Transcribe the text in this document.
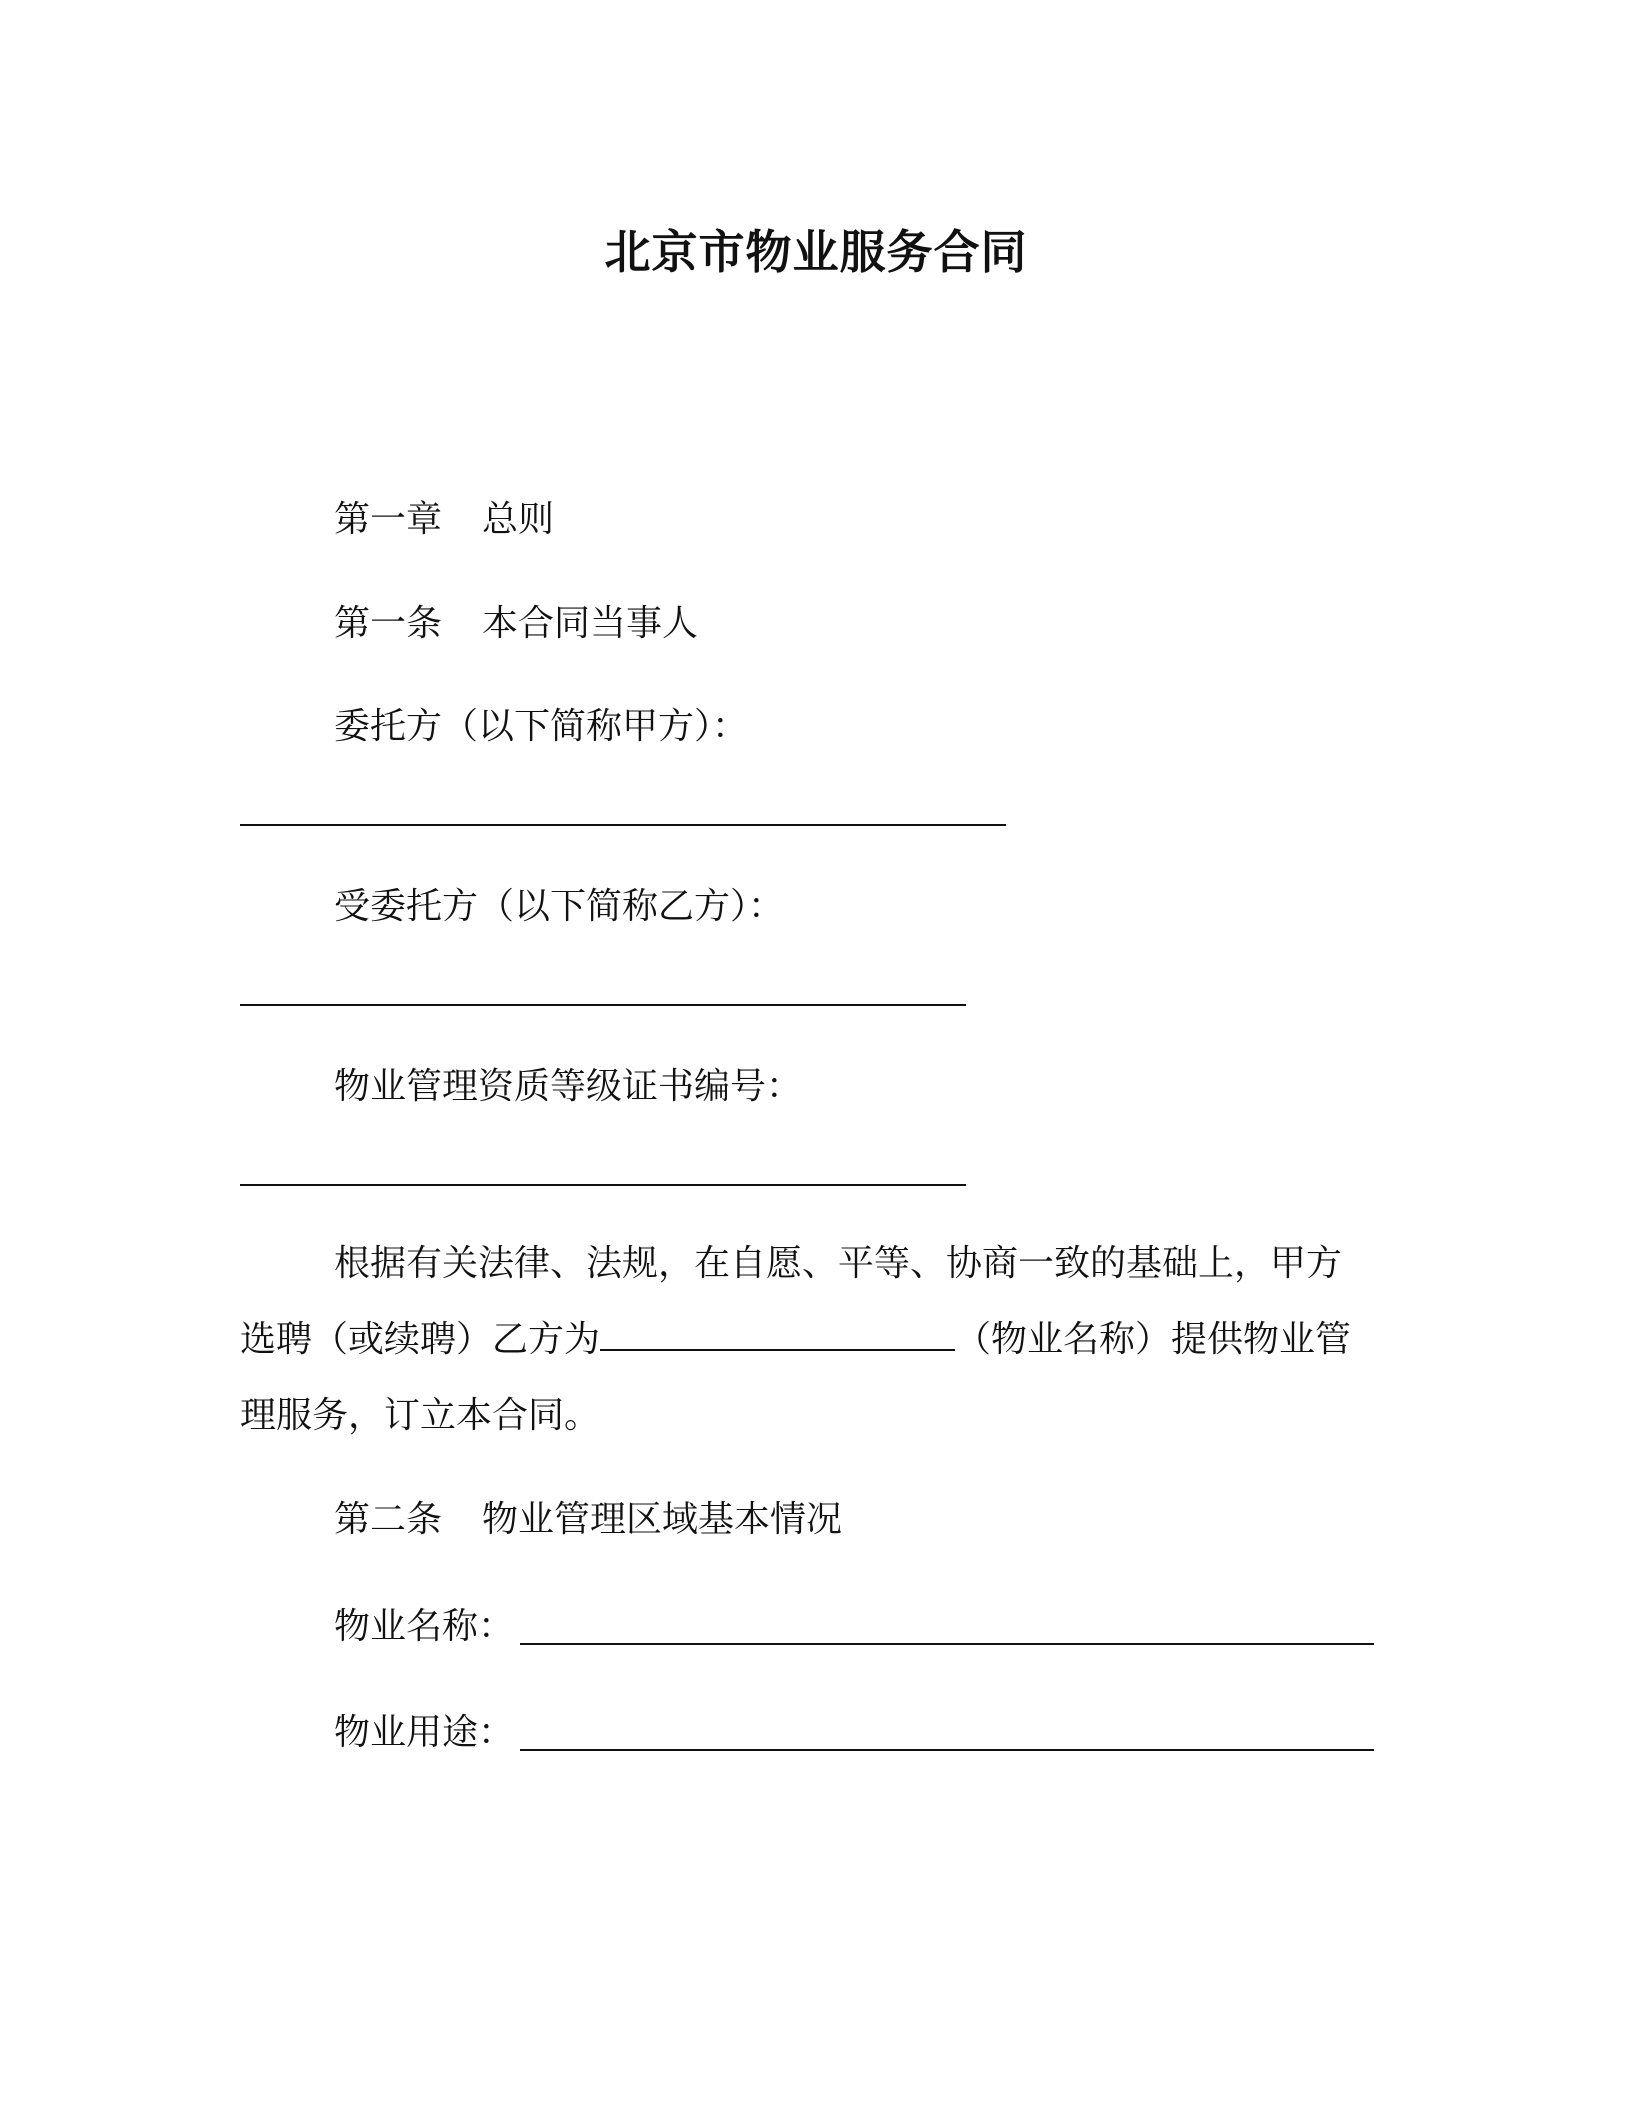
北京市物业服务合同
第一章 总则
第一条 本合同当事人
委托方（以下简称甲方）：
受委托方（以下简称乙方）：
物业管理资质等级证书编号：
根据有关法律、法规，在自愿、平等、协商一致的基础上，甲方选聘（或续聘）乙方为	（物业名称）提供物业管理服务，订立本合同。
第二条 物业管理区域基本情况
物业名称：
物业用途：
